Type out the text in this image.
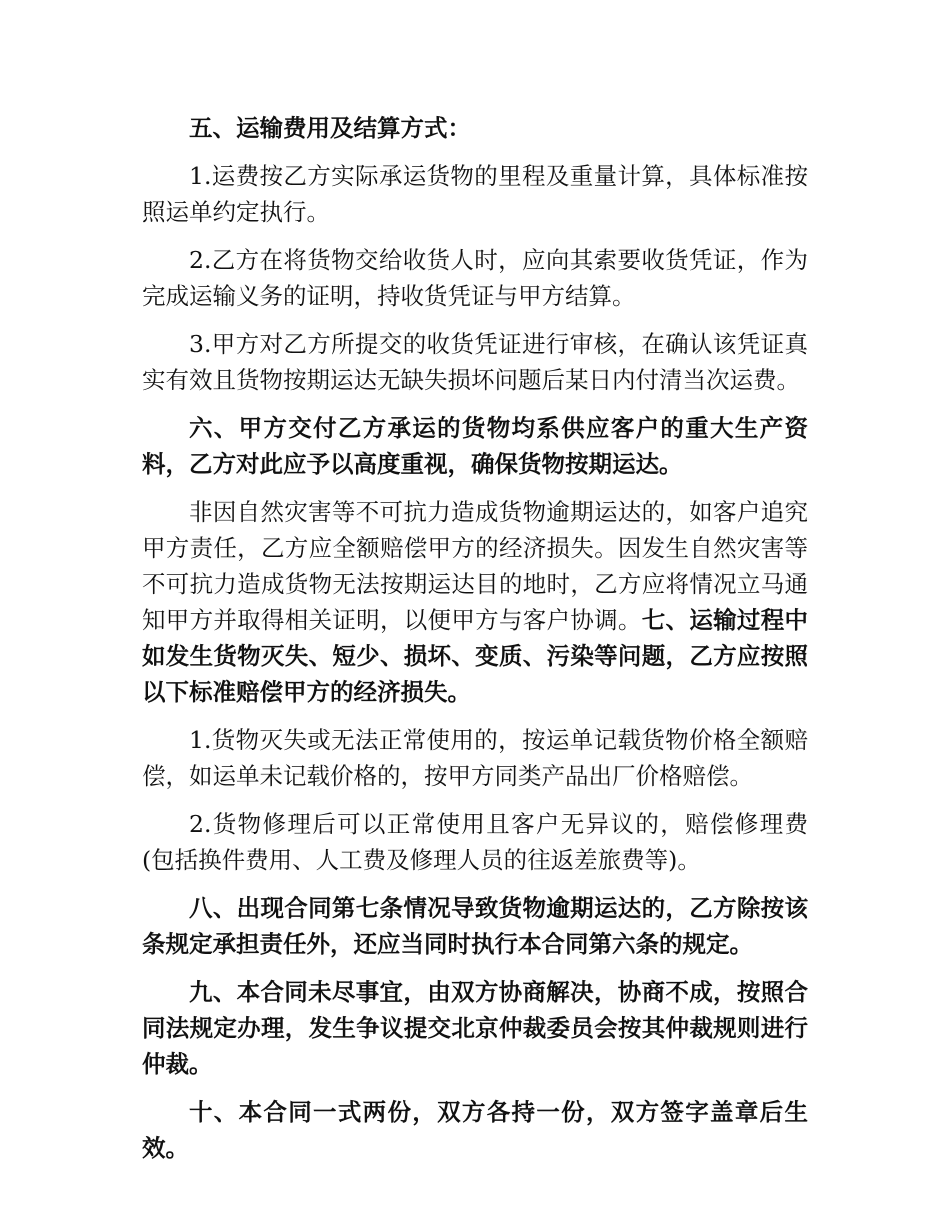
五、运输费用及结算方式：

1.运费按乙方实际承运货物的里程及重量计算，具体标准按照运单约定执行。

2.乙方在将货物交给收货人时，应向其索要收货凭证，作为完成运输义务的证明，持收货凭证与甲方结算。

3.甲方对乙方所提交的收货凭证进行审核，在确认该凭证真实有效且货物按期运达无缺失损坏问题后某日内付清当次运费。

六、甲方交付乙方承运的货物均系供应客户的重大生产资料，乙方对此应予以高度重视，确保货物按期运达。

非因自然灾害等不可抗力造成货物逾期运达的，如客户追究甲方责任，乙方应全额赔偿甲方的经济损失。因发生自然灾害等不可抗力造成货物无法按期运达目的地时，乙方应将情况立马通知甲方并取得相关证明，以便甲方与客户协调。七、运输过程中如发生货物灭失、短少、损坏、变质、污染等问题，乙方应按照以下标准赔偿甲方的经济损失。

1.货物灭失或无法正常使用的，按运单记载货物价格全额赔偿，如运单未记载价格的，按甲方同类产品出厂价格赔偿。

2.货物修理后可以正常使用且客户无异议的，赔偿修理费(包括换件费用、人工费及修理人员的往返差旅费等)。

八、出现合同第七条情况导致货物逾期运达的，乙方除按该条规定承担责任外，还应当同时执行本合同第六条的规定。

九、本合同未尽事宜，由双方协商解决，协商不成，按照合同法规定办理，发生争议提交北京仲裁委员会按其仲裁规则进行仲裁。

十、本合同一式两份，双方各持一份，双方签字盖章后生效。
